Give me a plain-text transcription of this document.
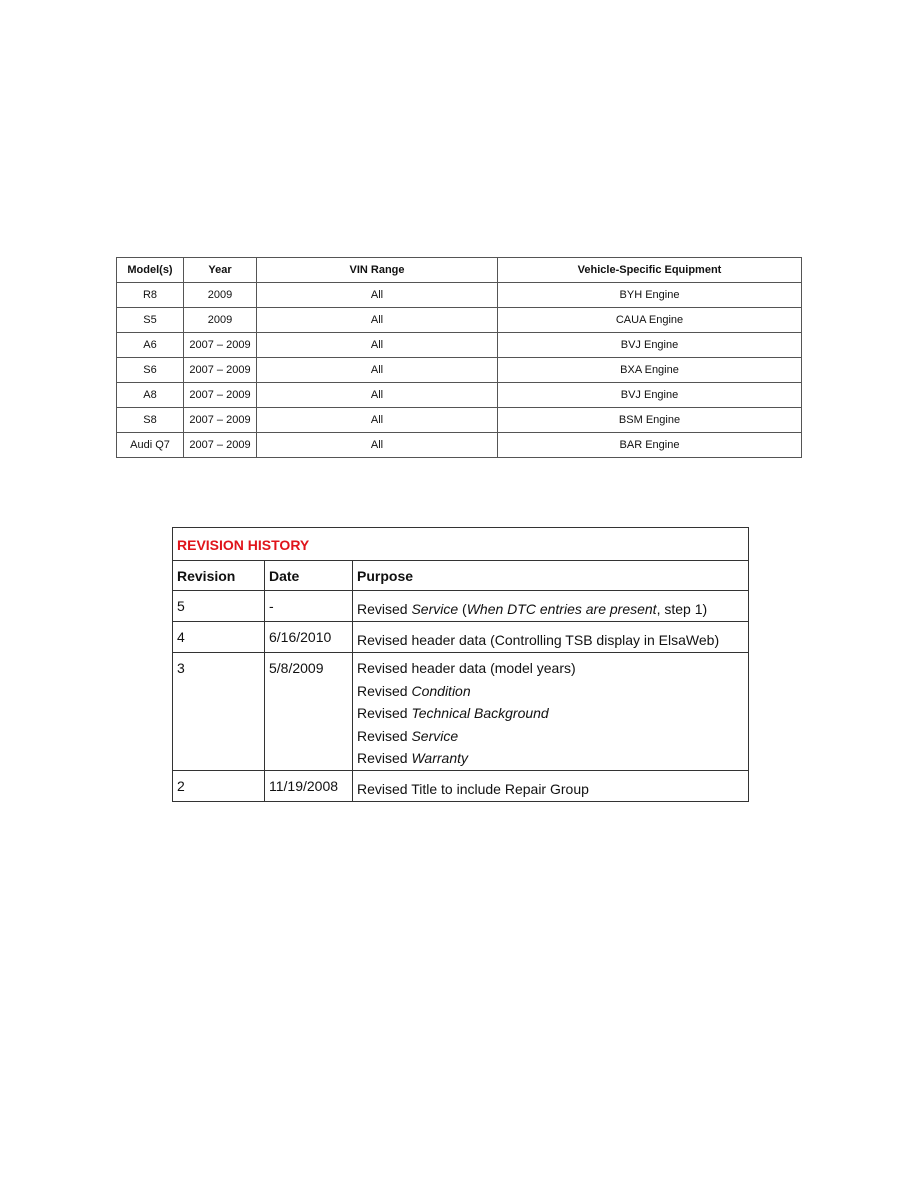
Model(s)	Year	VIN Range	Vehicle-Specific Equipment
R8	2009	All	BYH Engine
S5	2009	All	CAUA Engine
A6	2007 – 2009	All	BVJ Engine
S6	2007 – 2009	All	BXA Engine
A8	2007 – 2009	All	BVJ Engine
S8	2007 – 2009	All	BSM Engine
Audi Q7	2007 – 2009	All	BAR Engine
REVISION HISTORY		
Revision	Date	Purpose
5	-	Revised Service (When DTC entries are present, step 1)

4	6/16/2010	Revised header data (Controlling TSB display in ElsaWeb)

3	5/8/2009	Revised header data (model years)
Revised Condition
Revised Technical Background
Revised Service
Revised Warranty

2	11/19/2008	Revised Title to include Repair Group
